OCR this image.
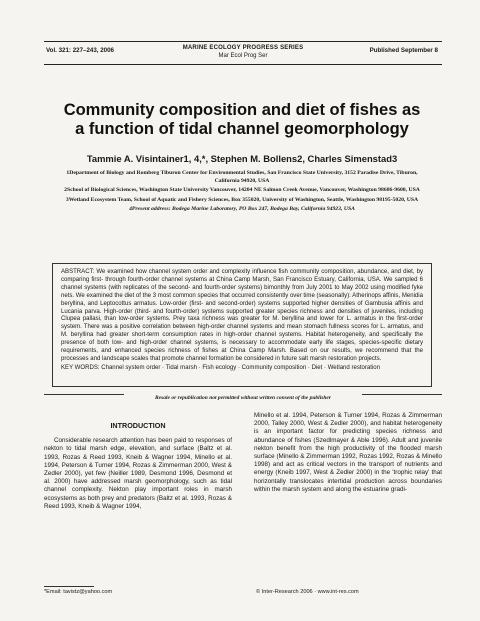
Vol. 321: 227–243, 2006	MARINE ECOLOGY PROGRESS SERIES
Mar Ecol Prog Ser
Published September 8
Community composition and diet of fishes as
a function of tidal channel geomorphology
Tammie A. Visintainer1, 4,*, Stephen M. Bollens2, Charles Simenstad3

1Department of Biology and Romberg Tiburon Center for Environmental Studies, San Francisco State University, 3152 Paradise Drive, Tiburon, California 94920, USA

2School of Biological Sciences, Washington State University Vancouver, 14204 NE Salmon Creek Avenue, Vancouver, Washington 98686-9600, USA

3Wetland Ecosystem Team, School of Aquatic and Fishery Sciences, Box 355020, University of Washington, Seattle, Washington 98195-5020, USA

4Present address: Bodega Marine Laboratory, PO Box 247, Bodega Bay, California 94923, USA

ABSTRACT: We examined how channel system order and complexity influence fish community composition, abundance, and diet, by comparing first- through fourth-order channel systems at China Camp Marsh, San Francisco Estuary, California, USA. We sampled 6 channel systems (with replicates of the second- and fourth-order systems) bimonthly from July 2001 to May 2002 using modified fyke nets. We examined the diet of the 3 most common species that occurred consistently over time (seasonally): Atherinops affinis, Menidia beryllina, and Leptocottus armatus. Low-order (first- and second-order) systems supported higher densities of Gambusia affinis and Lucania parva. High-order (third- and fourth-order) systems supported greater species richness and densities of juveniles, including Clupea pallasi, than low-order systems. Prey taxa richness was greater for M. beryllina and lower for L. armatus in the first-order system. There was a positive correlation between high-order channel systems and mean stomach fullness scores for L. armatus, and M. beryllina had greater short-term consumption rates in high-order channel systems. Habitat heterogeneity, and specifically the presence of both low- and high-order channel systems, is necessary to accommodate early life stages, species-specific dietary requirements, and enhanced species richness of fishes at China Camp Marsh. Based on our results, we recommend that the processes and landscape scales that promote channel formation be considered in future salt marsh restoration projects.
KEY WORDS: Channel system order · Tidal marsh · Fish ecology · Community composition · Diet · Wetland restoration
Resale or republication not permitted without written consent of the publisher
INTRODUCTION
Considerable research attention has been paid to responses of nekton to tidal marsh edge, elevation, and surface (Baltz et al. 1993, Rozas & Reed 1993, Kneib & Wagner 1994, Minello et al. 1994, Peterson & Turner 1994, Rozas & Zimmerman 2000, West & Zedler 2000), yet few (Neiller 1989, Desmond 1996, Desmond et al. 2000) have addressed marsh geomorphology, such as tidal channel complexity. Nekton play important roles in marsh ecosystems as both prey and predators (Baltz et al. 1993, Rozas & Reed 1993, Kneib & Wagner 1994,
Minello et al. 1994, Peterson & Turner 1994, Rozas & Zimmerman 2000, Talley 2000, West & Zedler 2000), and habitat heterogeneity is an important factor for predicting species richness and abundance of fishes (Szedlmayer & Able 1996). Adult and juvenile nekton benefit from the high productivity of the flooded marsh surface (Minello & Zimmerman 1992, Rozas 1992, Rozas & Minello 1998) and act as critical vectors in the transport of nutrients and energy (Kneib 1997, West & Zedler 2000) in the 'trophic relay' that horizontally translocates intertidal production across boundaries within the marsh system and along the estuarine gradi-
*Email: tavistz@yahoo.com	© Inter-Research 2006 · www.int-res.com
